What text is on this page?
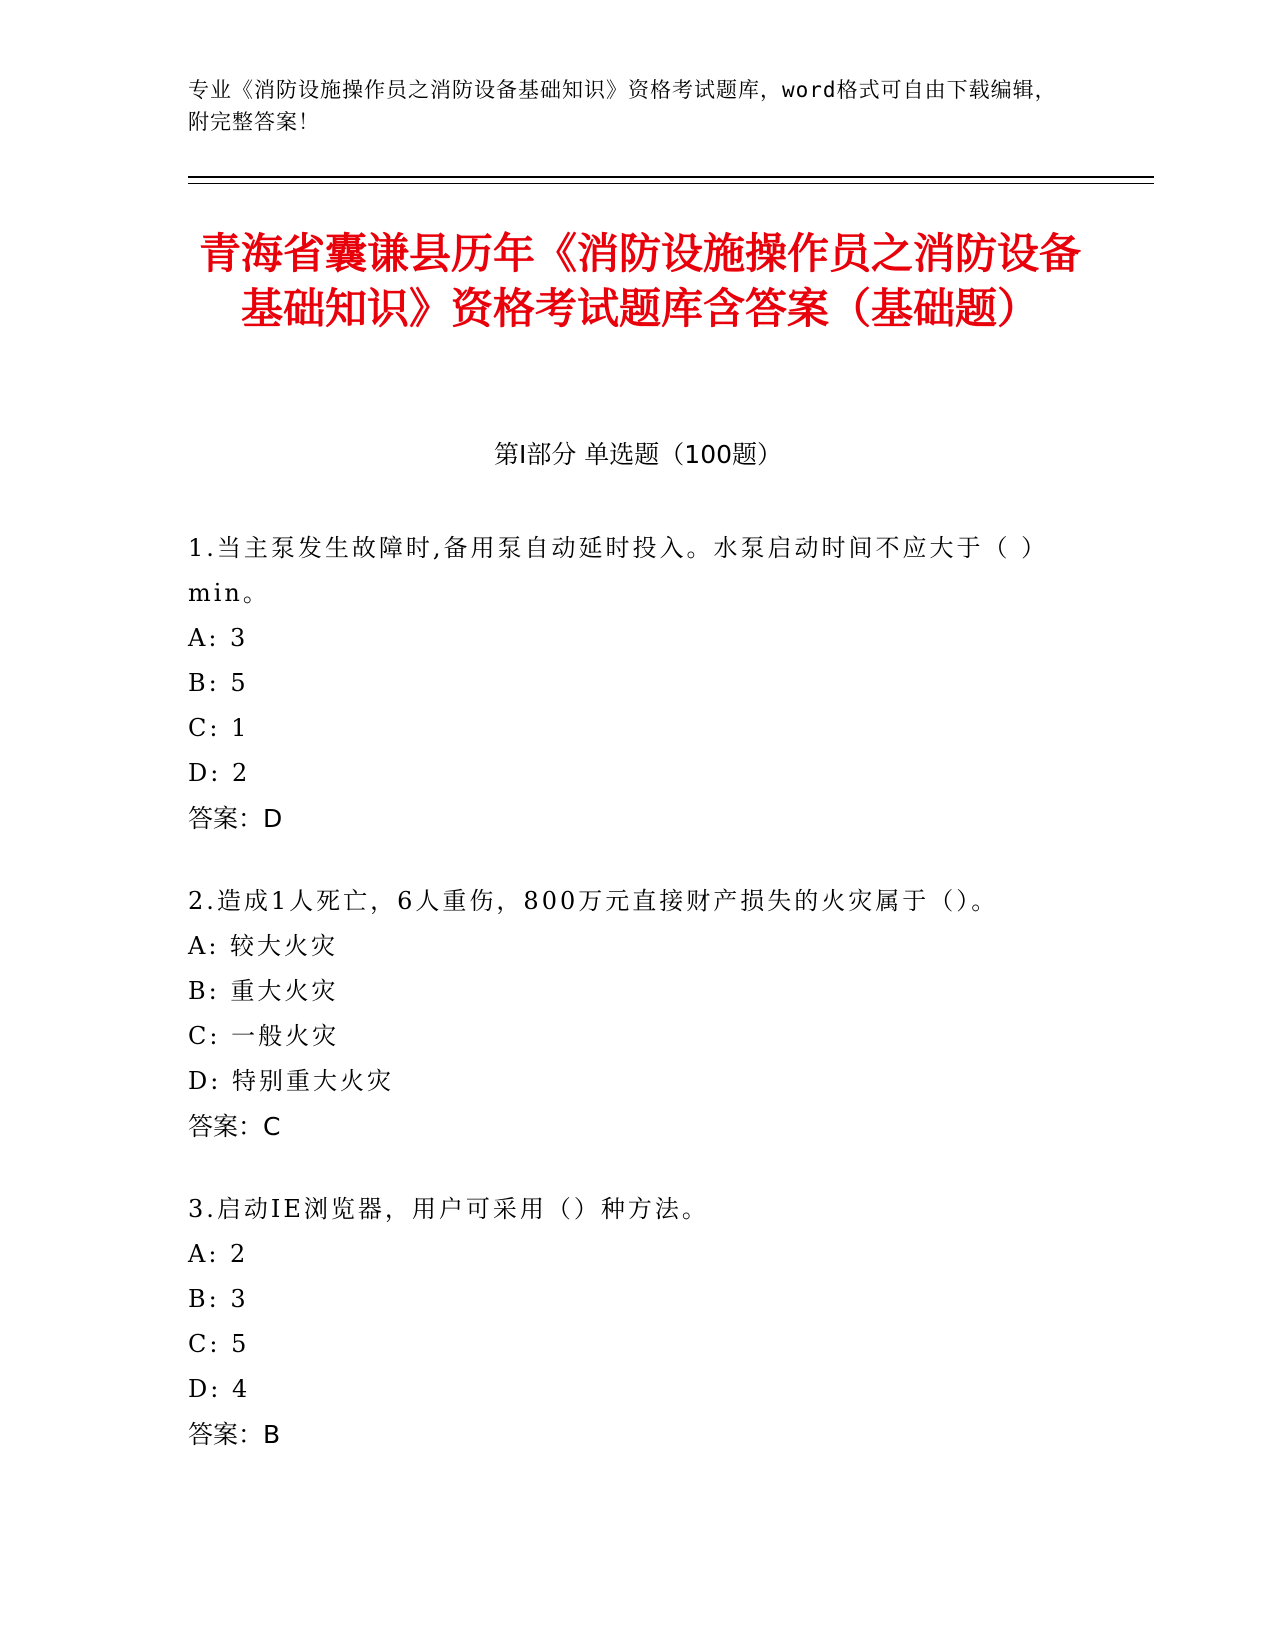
专业《消防设施操作员之消防设备基础知识》资格考试题库，word格式可自由下载编辑，附完整答案！
青海省囊谦县历年《消防设施操作员之消防设备基础知识》资格考试题库含答案（基础题）
第I部分 单选题（100题）

1.当主泵发生故障时,备用泵自动延时投入。水泵启动时间不应大于（ ）min。

A: 3

B: 5

C: 1

D: 2

答案：D

2.造成1人死亡，6人重伤，800万元直接财产损失的火灾属于（）。

A: 较大火灾

B: 重大火灾

C: 一般火灾

D: 特别重大火灾

答案：C

3.启动IE浏览器，用户可采用（）种方法。

A: 2

B: 3

C: 5

D: 4

答案：B
